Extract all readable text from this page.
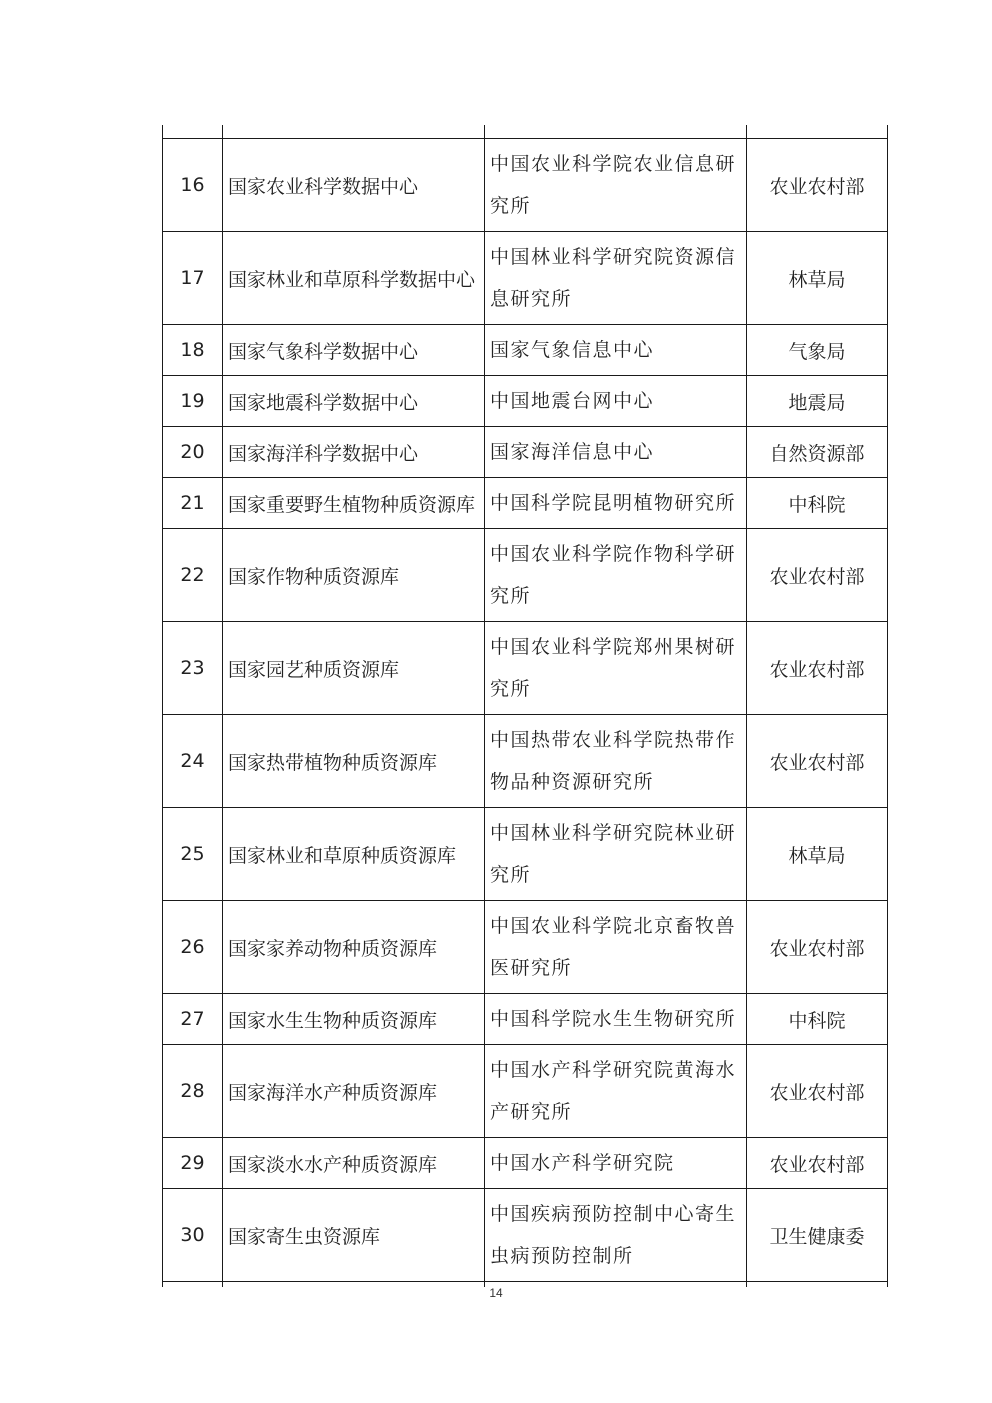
16	国家农业科学数据中心	中国农业科学院农业信息研究所	农业农村部
17	国家林业和草原科学数据中心	中国林业科学研究院资源信息研究所	林草局
18	国家气象科学数据中心	国家气象信息中心	气象局
19	国家地震科学数据中心	中国地震台网中心	地震局
20	国家海洋科学数据中心	国家海洋信息中心	自然资源部
21	国家重要野生植物种质资源库	中国科学院昆明植物研究所	中科院
22	国家作物种质资源库	中国农业科学院作物科学研究所	农业农村部
23	国家园艺种质资源库	中国农业科学院郑州果树研究所	农业农村部
24	国家热带植物种质资源库	中国热带农业科学院热带作物品种资源研究所	农业农村部
25	国家林业和草原种质资源库	中国林业科学研究院林业研究所	林草局
26	国家家养动物种质资源库	中国农业科学院北京畜牧兽医研究所	农业农村部
27	国家水生生物种质资源库	中国科学院水生生物研究所	中科院
28	国家海洋水产种质资源库	中国水产科学研究院黄海水产研究所	农业农村部
29	国家淡水水产种质资源库	中国水产科学研究院	农业农村部
30	国家寄生虫资源库	中国疾病预防控制中心寄生虫病预防控制所	卫生健康委

14
